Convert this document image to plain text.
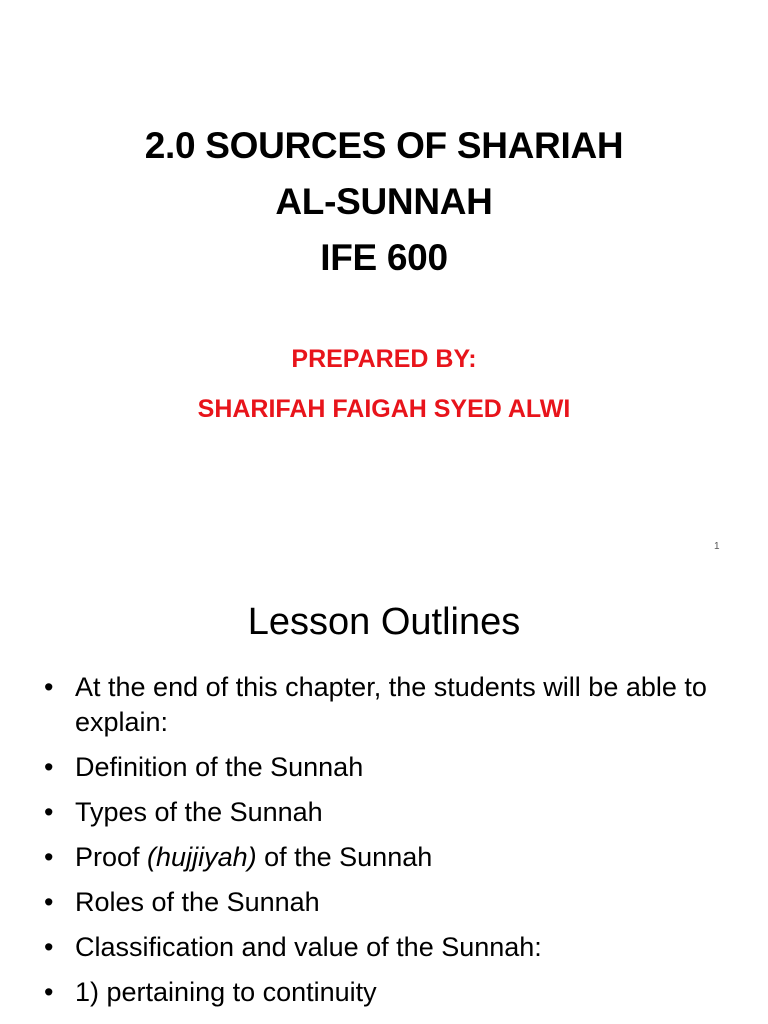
2.0 SOURCES OF SHARIAH
AL-SUNNAH
IFE 600
PREPARED BY:
SHARIFAH FAIGAH SYED ALWI
1
Lesson Outlines
• At the end of this chapter, the students will be able to explain:
• Definition of the Sunnah
• Types of the Sunnah
• Proof (hujjiyah) of the Sunnah
• Roles of the Sunnah
• Classification and value of the Sunnah:
• 1) pertaining to continuity
